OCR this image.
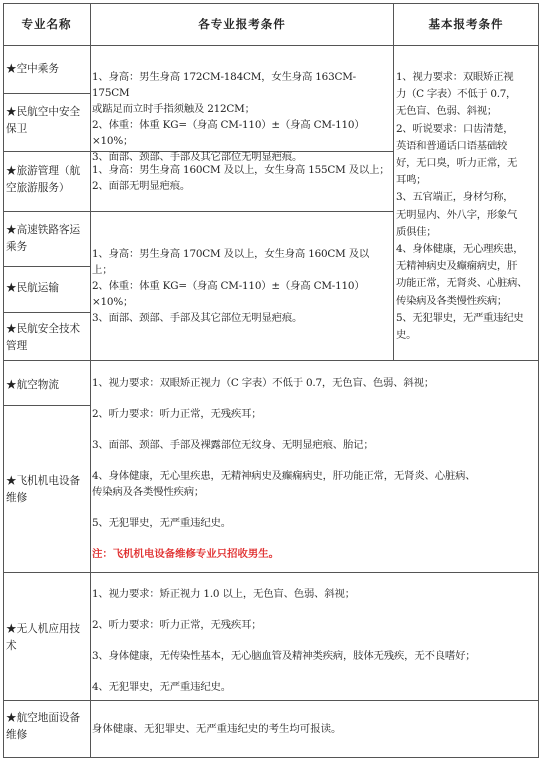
专业名称	各专业报考条件	基本报考条件
★空中乘务
★民航空中安全
保卫
★旅游管理（航
空旅游服务）
★高速铁路客运
乘务
★民航运输
★民航安全技术
管理
★航空物流
★飞机机电设备
维修
★无人机应用技
术
★航空地面设备
维修
1、身高：男生身高 172CM-184CM，女生身高 163CM-175CM
或踮足而立时手指须触及 212CM；
2、体重：体重 KG=（身高 CM-110）±（身高 CM-110）×10%；
3、面部、颈部、手部及其它部位无明显疤痕。
1、身高：男生身高 160CM 及以上，女生身高 155CM 及以上；
2、面部无明显疤痕。
1、身高：男生身高 170CM 及以上，女生身高 160CM 及以
上；
2、体重：体重 KG=（身高 CM-110）±（身高 CM-110）×10%；
3、面部、颈部、手部及其它部位无明显疤痕。
1、视力要求：双眼矫正视力（C 字表）不低于 0.7，无色盲、色弱、斜视；

2、听力要求：听力正常，无残疾耳；

3、面部、颈部、手部及裸露部位无纹身、无明显疤痕、胎记；

4、身体健康，无心里疾患，无精神病史及癫痫病史，肝功能正常，无肾炎、心脏病、
传染病及各类慢性疾病；

5、无犯罪史，无严重违纪史。
注：飞机机电设备维修专业只招收男生。
1、视力要求：矫正视力 1.0 以上，无色盲、色弱、斜视；

2、听力要求：听力正常，无残疾耳；

3、身体健康，无传染性基本，无心脑血管及精神类疾病，肢体无残疾，无不良嗜好；

4、无犯罪史，无严重违纪史。
身体健康、无犯罪史、无严重违纪史的考生均可报读。
1、视力要求：双眼矫正视
力（C 字表）不低于 0.7，
无色盲、色弱、斜视；
2、听说要求：口齿清楚，
英语和普通话口语基础较
好，无口臭，听力正常，无
耳鸣；
3、五官端正，身材匀称，
无明显内、外八字，形象气
质俱佳；
4、身体健康，无心理疾患，
无精神病史及癫痫病史，肝
功能正常，无肾炎、心脏病、
传染病及各类慢性疾病；
5、无犯罪史，无严重违纪史
史。
